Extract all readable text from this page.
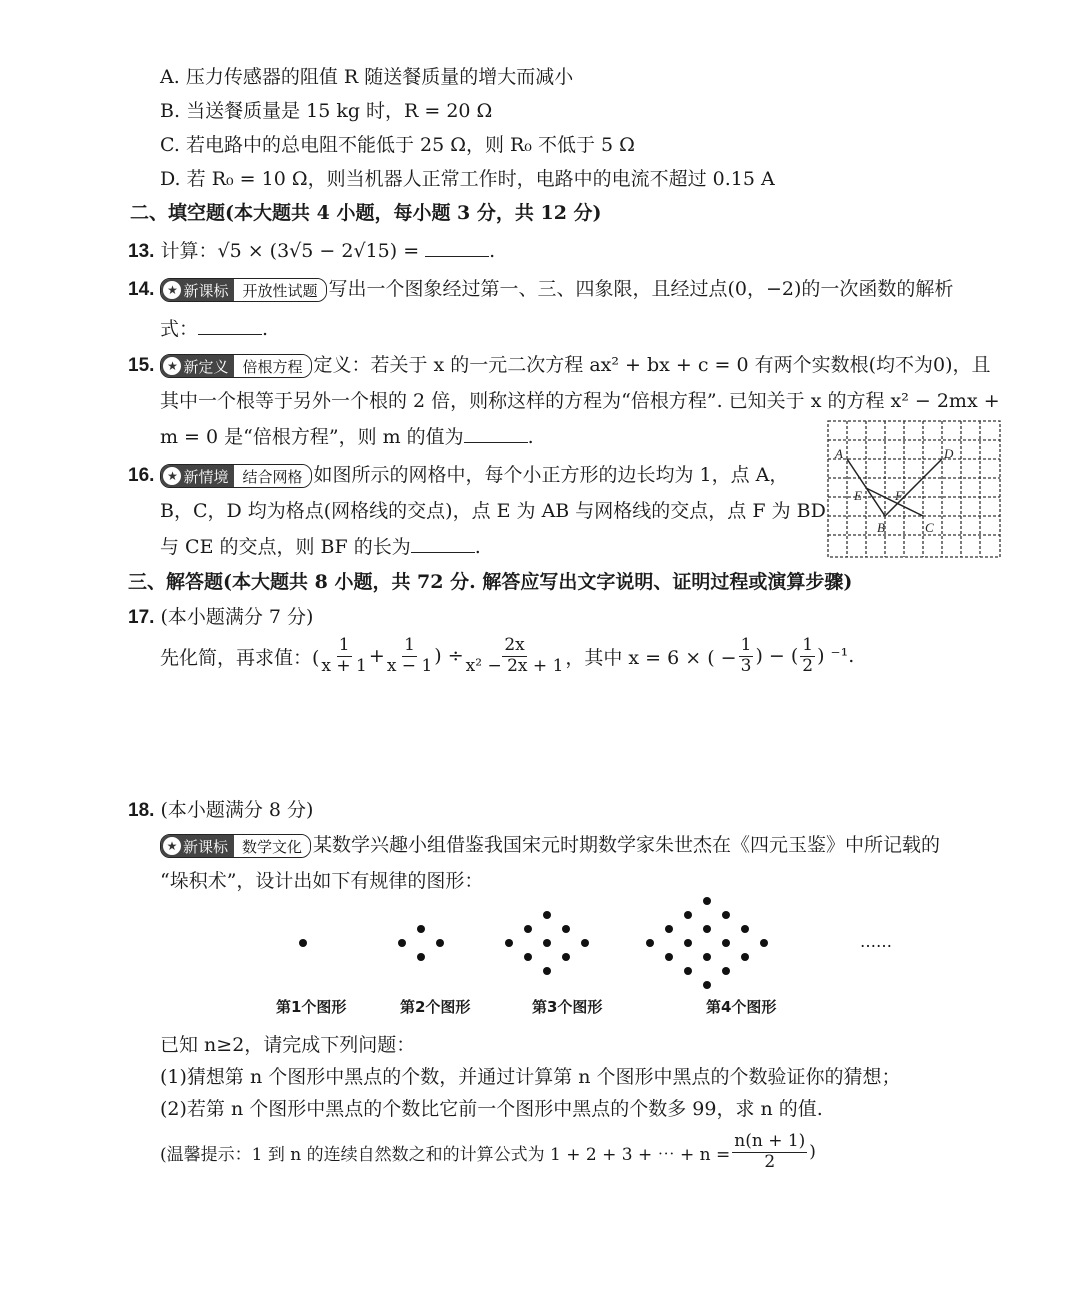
A. 压力传感器的阻值 R 随送餐质量的增大而减小
B. 当送餐质量是 15 kg 时，R = 20 Ω
C. 若电路中的总电阻不能低于 25 Ω，则 R₀ 不低于 5 Ω
D. 若 R₀ = 10 Ω，则当机器人正常工作时，电路中的电流不超过 0.15 A
二、填空题(本大题共 4 小题，每小题 3 分，共 12 分)
13. 计算：√5 × (3√5 − 2√15) =	.
14.	★ 新课标 开放性试题 写出一个图象经过第一、三、四象限，且经过点(0，−2)的一次函数的解析
式：	.
15.	★ 新定义 倍根方程 定义：若关于 x 的一元二次方程 ax² + bx + c = 0 有两个实数根(均不为0)，且
其中一个根等于另外一个根的 2 倍，则称这样的方程为“倍根方程”. 已知关于 x 的方程 x² − 2mx +
m = 0 是“倍根方程”，则 m 的值为	.
16.	★ 新情境 结合网格 如图所示的网格中，每个小正方形的边长均为 1，点 A，
B，C，D 均为格点(网格线的交点)，点 E 为 AB 与网格线的交点，点 F 为 BD
与 CE 的交点，则 BF 的长为	.
A	D
E	F
B	C
三、解答题(本大题共 8 小题，共 72 分. 解答应写出文字说明、证明过程或演算步骤)
17. (本小题满分 7 分)
先化简，再求值：( $\frac{1}{x + 1} + \frac{1}{x - 1}$ ) ÷ $\frac{2x}{\text{x² − 2x + 1}}$ ，其中 x = 6 × ( − $\frac{1}{3}$ ) − ( $\frac{1}{2}$ ) ⁻¹.
18. (本小题满分 8 分)
★ 新课标 数学文化 某数学兴趣小组借鉴我国宋元时期数学家朱世杰在《四元玉鉴》中所记载的
“垛积术”，设计出如下有规律的图形：
……
第1个图形	第2个图形	第3个图形	第4个图形
已知 n≥2，请完成下列问题：
(1)猜想第 n 个图形中黑点的个数，并通过计算第 n 个图形中黑点的个数验证你的猜想；
(2)若第 n 个图形中黑点的个数比它前一个图形中黑点的个数多 99，求 n 的值.
(温馨提示：1 到 n 的连续自然数之和的计算公式为 1 + 2 + 3 + ⋯ + $n = \frac{n(n + 1)}{2}$ )
